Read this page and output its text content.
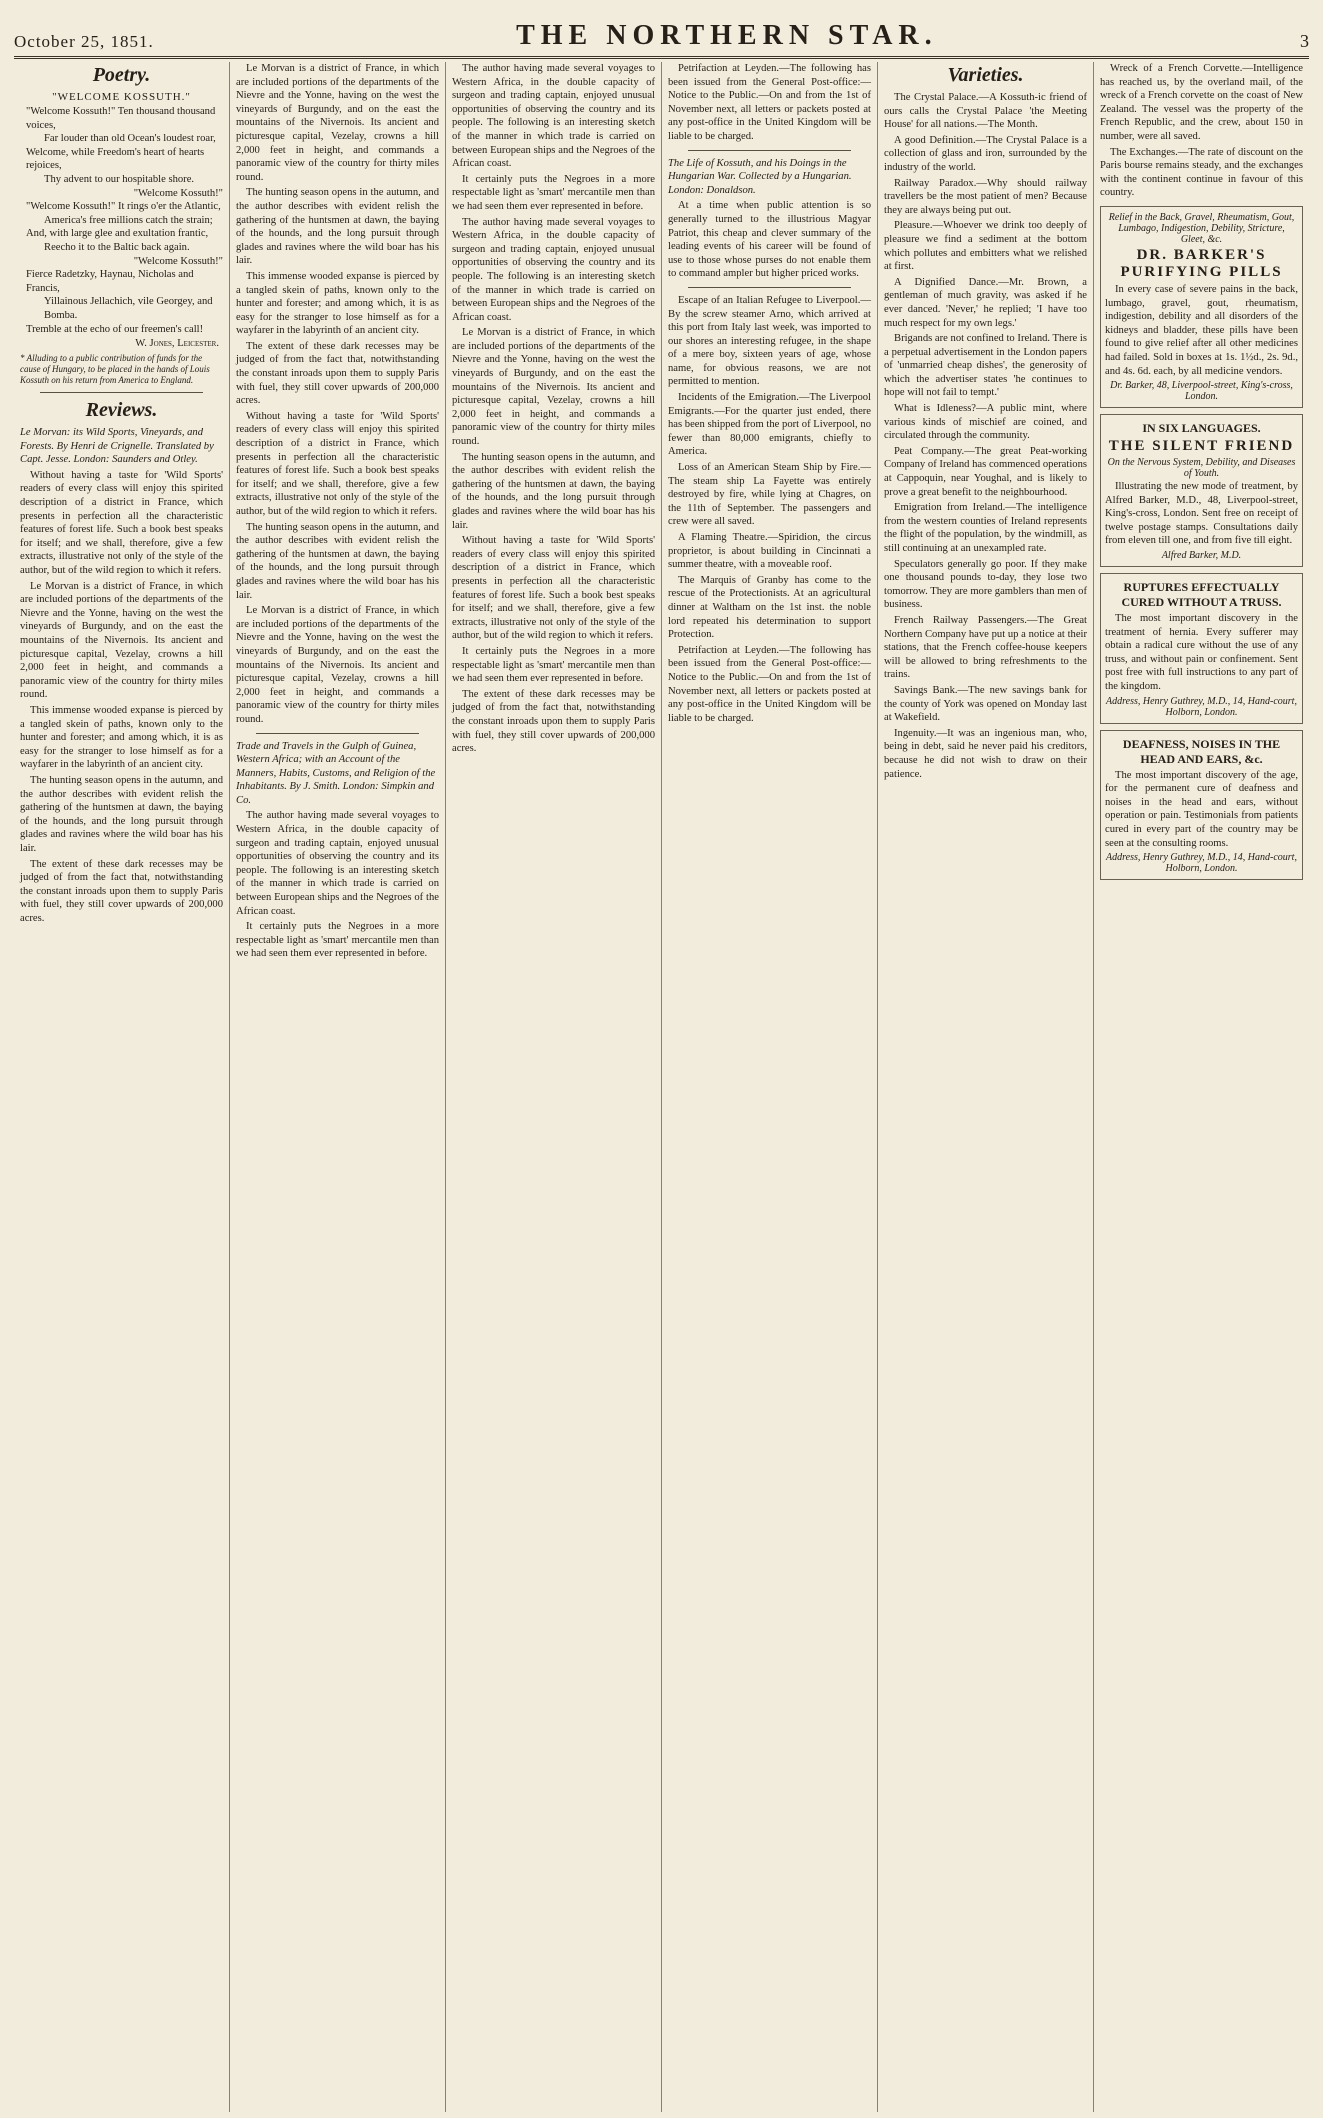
October 25, 1851.	THE NORTHERN STAR.	3
Poetry.
"WELCOME KOSSUTH."

"Welcome Kossuth!" Ten thousand thousand voices,

Far louder than old Ocean's loudest roar,

Welcome, while Freedom's heart of hearts rejoices,

Thy advent to our hospitable shore.

"Welcome Kossuth!"

"Welcome Kossuth!" It rings o'er the Atlantic,

America's free millions catch the strain;

And, with large glee and exultation frantic,

Reecho it to the Baltic back again.

"Welcome Kossuth!"

Fierce Radetzky, Haynau, Nicholas and Francis,

Yillainous Jellachich, vile Georgey, and Bomba.

Tremble at the echo of our freemen's call!

W. Jones, Leicester.

* Alluding to a public contribution of funds for the cause of Hungary, to be placed in the hands of Louis Kossuth on his return from America to England.

Reviews.

Le Morvan: its Wild Sports, Vineyards, and Forests. By Henri de Crignelle. Translated by Capt. Jesse. London: Saunders and Otley.

Without having a taste for 'Wild Sports' readers of every class will enjoy this spirited description of a district in France, which presents in perfection all the characteristic features of forest life. Such a book best speaks for itself; and we shall, therefore, give a few extracts, illustrative not only of the style of the author, but of the wild region to which it refers.

Le Morvan is a district of France, in which are included portions of the departments of the Nievre and the Yonne, having on the west the vineyards of Burgundy, and on the east the mountains of the Nivernois. Its ancient and picturesque capital, Vezelay, crowns a hill 2,000 feet in height, and commands a panoramic view of the country for thirty miles round.

This immense wooded expanse is pierced by a tangled skein of paths, known only to the hunter and forester; and among which, it is as easy for the stranger to lose himself as for a wayfarer in the labyrinth of an ancient city.

The hunting season opens in the autumn, and the author describes with evident relish the gathering of the huntsmen at dawn, the baying of the hounds, and the long pursuit through glades and ravines where the wild boar has his lair.

The extent of these dark recesses may be judged of from the fact that, notwithstanding the constant inroads upon them to supply Paris with fuel, they still cover upwards of 200,000 acres.

Le Morvan is a district of France, in which are included portions of the departments of the Nievre and the Yonne, having on the west the vineyards of Burgundy, and on the east the mountains of the Nivernois. Its ancient and picturesque capital, Vezelay, crowns a hill 2,000 feet in height, and commands a panoramic view of the country for thirty miles round.

The hunting season opens in the autumn, and the author describes with evident relish the gathering of the huntsmen at dawn, the baying of the hounds, and the long pursuit through glades and ravines where the wild boar has his lair.

This immense wooded expanse is pierced by a tangled skein of paths, known only to the hunter and forester; and among which, it is as easy for the stranger to lose himself as for a wayfarer in the labyrinth of an ancient city.

The extent of these dark recesses may be judged of from the fact that, notwithstanding the constant inroads upon them to supply Paris with fuel, they still cover upwards of 200,000 acres.

Without having a taste for 'Wild Sports' readers of every class will enjoy this spirited description of a district in France, which presents in perfection all the characteristic features of forest life. Such a book best speaks for itself; and we shall, therefore, give a few extracts, illustrative not only of the style of the author, but of the wild region to which it refers.

The hunting season opens in the autumn, and the author describes with evident relish the gathering of the huntsmen at dawn, the baying of the hounds, and the long pursuit through glades and ravines where the wild boar has his lair.

Le Morvan is a district of France, in which are included portions of the departments of the Nievre and the Yonne, having on the west the vineyards of Burgundy, and on the east the mountains of the Nivernois. Its ancient and picturesque capital, Vezelay, crowns a hill 2,000 feet in height, and commands a panoramic view of the country for thirty miles round.

Trade and Travels in the Gulph of Guinea, Western Africa; with an Account of the Manners, Habits, Customs, and Religion of the Inhabitants. By J. Smith. London: Simpkin and Co.

The author having made several voyages to Western Africa, in the double capacity of surgeon and trading captain, enjoyed unusual opportunities of observing the country and its people. The following is an interesting sketch of the manner in which trade is carried on between European ships and the Negroes of the African coast.

It certainly puts the Negroes in a more respectable light as 'smart' mercantile men than we had seen them ever represented in before.

The author having made several voyages to Western Africa, in the double capacity of surgeon and trading captain, enjoyed unusual opportunities of observing the country and its people. The following is an interesting sketch of the manner in which trade is carried on between European ships and the Negroes of the African coast.

It certainly puts the Negroes in a more respectable light as 'smart' mercantile men than we had seen them ever represented in before.

The author having made several voyages to Western Africa, in the double capacity of surgeon and trading captain, enjoyed unusual opportunities of observing the country and its people. The following is an interesting sketch of the manner in which trade is carried on between European ships and the Negroes of the African coast.

Le Morvan is a district of France, in which are included portions of the departments of the Nievre and the Yonne, having on the west the vineyards of Burgundy, and on the east the mountains of the Nivernois. Its ancient and picturesque capital, Vezelay, crowns a hill 2,000 feet in height, and commands a panoramic view of the country for thirty miles round.

The hunting season opens in the autumn, and the author describes with evident relish the gathering of the huntsmen at dawn, the baying of the hounds, and the long pursuit through glades and ravines where the wild boar has his lair.

Without having a taste for 'Wild Sports' readers of every class will enjoy this spirited description of a district in France, which presents in perfection all the characteristic features of forest life. Such a book best speaks for itself; and we shall, therefore, give a few extracts, illustrative not only of the style of the author, but of the wild region to which it refers.

It certainly puts the Negroes in a more respectable light as 'smart' mercantile men than we had seen them ever represented in before.

The extent of these dark recesses may be judged of from the fact that, notwithstanding the constant inroads upon them to supply Paris with fuel, they still cover upwards of 200,000 acres.

Petrifaction at Leyden.—The following has been issued from the General Post-office:—Notice to the Public.—On and from the 1st of November next, all letters or packets posted at any post-office in the United Kingdom will be liable to be charged.

The Life of Kossuth, and his Doings in the Hungarian War. Collected by a Hungarian. London: Donaldson.

At a time when public attention is so generally turned to the illustrious Magyar Patriot, this cheap and clever summary of the leading events of his career will be found of use to those whose purses do not enable them to command ampler but higher priced works.

Escape of an Italian Refugee to Liverpool.—By the screw steamer Arno, which arrived at this port from Italy last week, was imported to our shores an interesting refugee, in the shape of a mere boy, sixteen years of age, whose name, for obvious reasons, we are not permitted to mention.

Incidents of the Emigration.—The Liverpool Emigrants.—For the quarter just ended, there has been shipped from the port of Liverpool, no fewer than 80,000 emigrants, chiefly to America.

Loss of an American Steam Ship by Fire.—The steam ship La Fayette was entirely destroyed by fire, while lying at Chagres, on the 11th of September. The passengers and crew were all saved.

A Flaming Theatre.—Spiridion, the circus proprietor, is about building in Cincinnati a summer theatre, with a moveable roof.

The Marquis of Granby has come to the rescue of the Protectionists. At an agricultural dinner at Waltham on the 1st inst. the noble lord repeated his determination to support Protection.

Petrifaction at Leyden.—The following has been issued from the General Post-office:—Notice to the Public.—On and from the 1st of November next, all letters or packets posted at any post-office in the United Kingdom will be liable to be charged.

Varieties.

The Crystal Palace.—A Kossuth-ic friend of ours calls the Crystal Palace 'the Meeting House' for all nations.—The Month.

A good Definition.—The Crystal Palace is a collection of glass and iron, surrounded by the industry of the world.

Railway Paradox.—Why should railway travellers be the most patient of men? Because they are always being put out.

Pleasure.—Whoever we drink too deeply of pleasure we find a sediment at the bottom which pollutes and embitters what we relished at first.

A Dignified Dance.—Mr. Brown, a gentleman of much gravity, was asked if he ever danced. 'Never,' he replied; 'I have too much respect for my own legs.'

Brigands are not confined to Ireland. There is a perpetual advertisement in the London papers of 'unmarried cheap dishes', the generosity of which the advertiser states 'he continues to hope will not fail to tempt.'

What is Idleness?—A public mint, where various kinds of mischief are coined, and circulated through the community.

Peat Company.—The great Peat-working Company of Ireland has commenced operations at Cappoquin, near Youghal, and is likely to prove a great benefit to the neighbourhood.

Emigration from Ireland.—The intelligence from the western counties of Ireland represents the flight of the population, by the windmill, as still continuing at an unexampled rate.

Speculators generally go poor. If they make one thousand pounds to-day, they lose two tomorrow. They are more gamblers than men of business.

French Railway Passengers.—The Great Northern Company have put up a notice at their stations, that the French coffee-house keepers will be allowed to bring refreshments to the trains.

Savings Bank.—The new savings bank for the county of York was opened on Monday last at Wakefield.

Ingenuity.—It was an ingenious man, who, being in debt, said he never paid his creditors, because he did not wish to draw on their patience.

Wreck of a French Corvette.—Intelligence has reached us, by the overland mail, of the wreck of a French corvette on the coast of New Zealand. The vessel was the property of the French Republic, and the crew, about 150 in number, were all saved.

The Exchanges.—The rate of discount on the Paris bourse remains steady, and the exchanges with the continent continue in favour of this country.

Relief in the Back, Gravel, Rheumatism, Gout, Lumbago, Indigestion, Debility, Stricture, Gleet, &c.

DR. BARKER'S PURIFYING PILLS

In every case of severe pains in the back, lumbago, gravel, gout, rheumatism, indigestion, debility and all disorders of the kidneys and bladder, these pills have been found to give relief after all other medicines had failed. Sold in boxes at 1s. 1½d., 2s. 9d., and 4s. 6d. each, by all medicine vendors.

Dr. Barker, 48, Liverpool-street, King's-cross, London.

IN SIX LANGUAGES.

THE SILENT FRIEND

On the Nervous System, Debility, and Diseases of Youth.

Illustrating the new mode of treatment, by Alfred Barker, M.D., 48, Liverpool-street, King's-cross, London. Sent free on receipt of twelve postage stamps. Consultations daily from eleven till one, and from five till eight.

Alfred Barker, M.D.

RUPTURES EFFECTUALLY CURED WITHOUT A TRUSS.

The most important discovery in the treatment of hernia. Every sufferer may obtain a radical cure without the use of any truss, and without pain or confinement. Sent post free with full instructions to any part of the kingdom.

Address, Henry Guthrey, M.D., 14, Hand-court, Holborn, London.

DEAFNESS, NOISES IN THE HEAD AND EARS, &c.

The most important discovery of the age, for the permanent cure of deafness and noises in the head and ears, without operation or pain. Testimonials from patients cured in every part of the country may be seen at the consulting rooms.

Address, Henry Guthrey, M.D., 14, Hand-court, Holborn, London.
